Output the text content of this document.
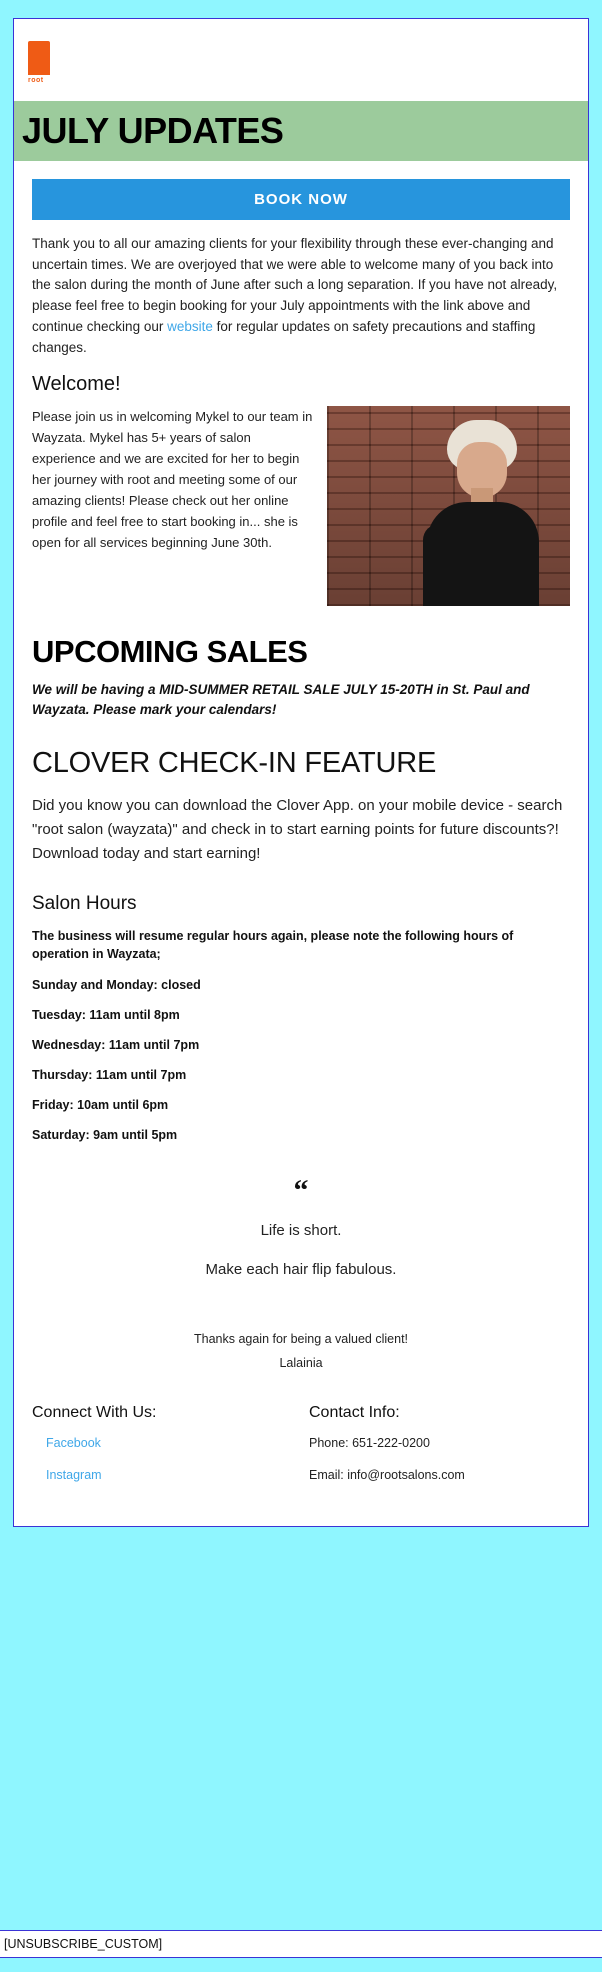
root
JULY UPDATES
BOOK NOW

Thank you to all our amazing clients for your flexibility through these ever-changing and uncertain times. We are overjoyed that we were able to welcome many of you back into the salon during the month of June after such a long separation. If you have not already, please feel free to begin booking for your July appointments with the link above and continue checking our website for regular updates on safety precautions and staffing changes.

Welcome!

Please join us in welcoming Mykel to our team in Wayzata. Mykel has 5+ years of salon experience and we are excited for her to begin her journey with root and meeting some of our amazing clients! Please check out her online profile and feel free to start booking in... she is open for all services beginning June 30th.

UPCOMING SALES

We will be having a MID-SUMMER RETAIL SALE JULY 15-20TH in St. Paul and Wayzata. Please mark your calendars!

CLOVER CHECK-IN FEATURE

Did you know you can download the Clover App. on your mobile device - search "root salon (wayzata)" and check in to start earning points for future discounts?! Download today and start earning!

Salon Hours

The business will resume regular hours again, please note the following hours of operation in Wayzata;

Sunday and Monday: closed

Tuesday: 11am until 8pm

Wednesday: 11am until 7pm

Thursday: 11am until 7pm

Friday: 10am until 6pm

Saturday: 9am until 5pm

“
Life is short.
Make each hair flip fabulous.
Thanks again for being a valued client!
Lalainia
Connect With Us:
Facebook
Instagram
Contact Info:

Phone: 651-222-0200

Email: info@rootsalons.com

[UNSUBSCRIBE_CUSTOM]
